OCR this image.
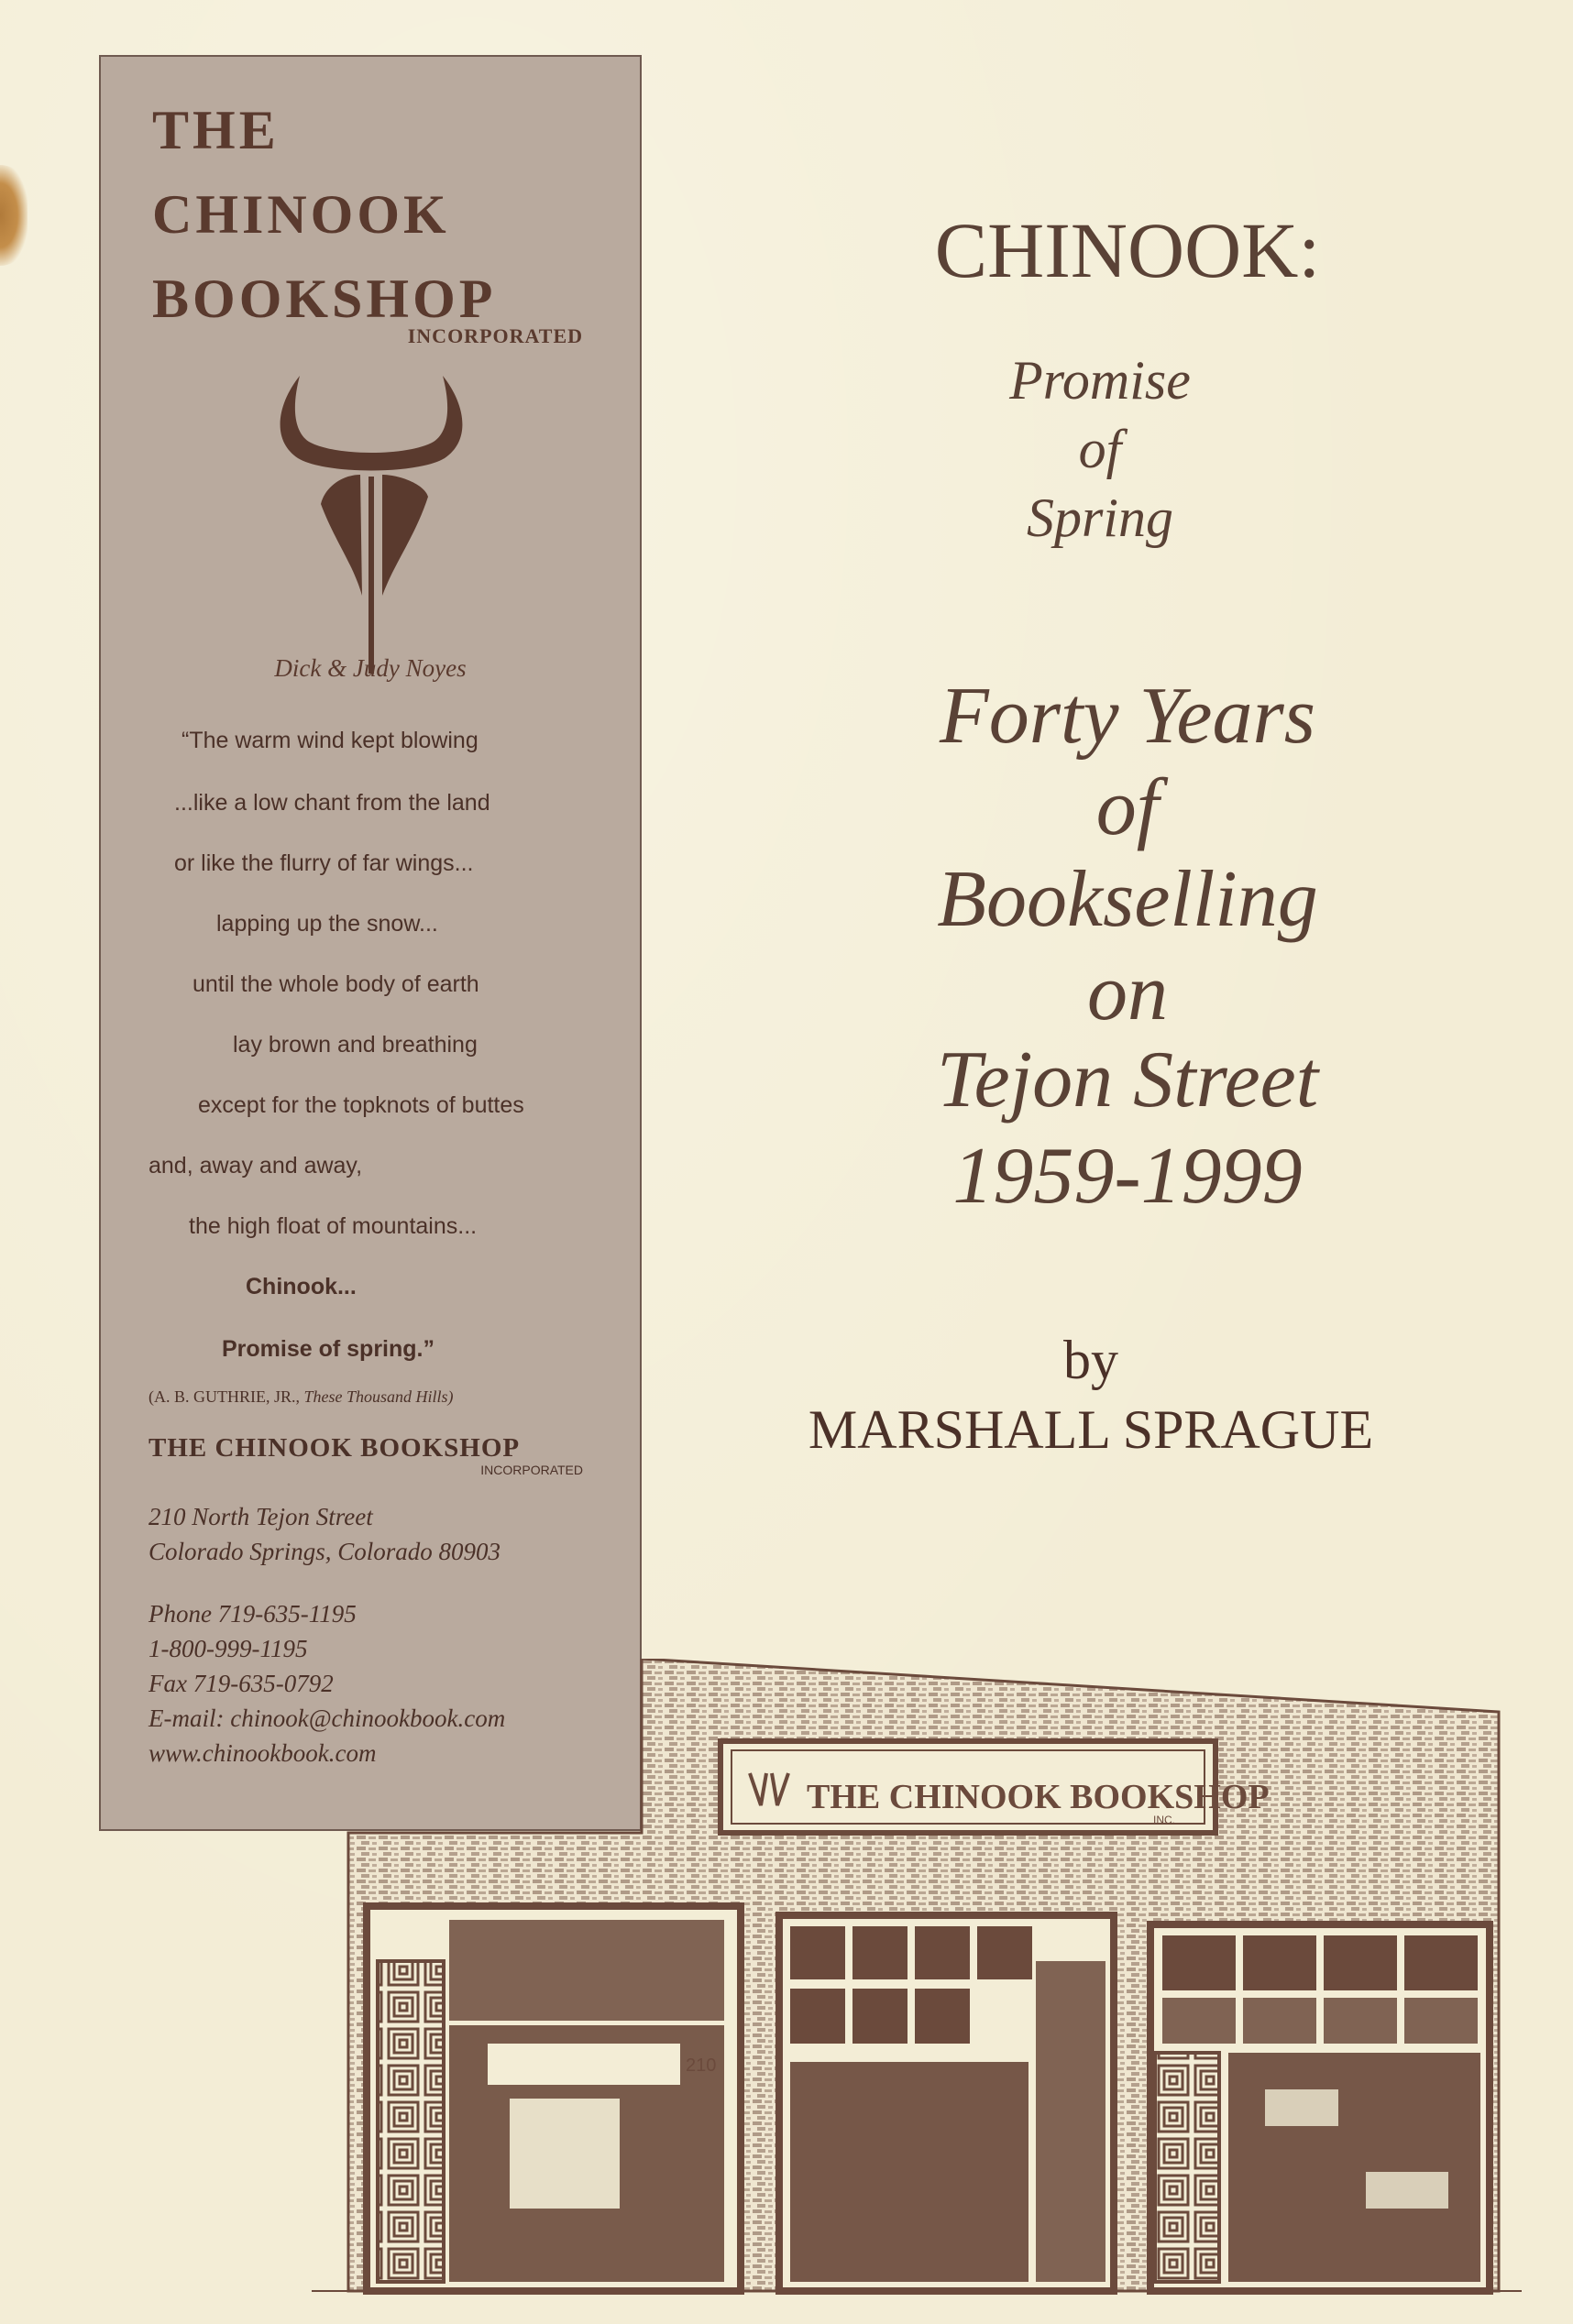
THE
CHINOOK
BOOKSHOP
INCORPORATED
Dick & Judy Noyes
“The warm wind kept blowing
...like a low chant from the land
or like the flurry of far wings...
lapping up the snow...
until the whole body of earth
lay brown and breathing
except for the topknots of buttes
and, away and away,
the high float of mountains...
Chinook...
Promise of spring.”
(A. B. GUTHRIE, JR., These Thousand Hills)
THE CHINOOK BOOKSHOP
INCORPORATED
210 North Tejon Street
Colorado Springs, Colorado 80903
Phone 719-635-1195
1-800-999-1195
Fax 719-635-0792
E-mail: chinook@chinookbook.com
www.chinookbook.com
CHINOOK:
Promise
of
Spring
Forty Years
of
Bookselling
on
Tejon Street
1959-1999
by
MARSHALL SPRAGUE
THE CHINOOK BOOKSHOP
INC.
210
